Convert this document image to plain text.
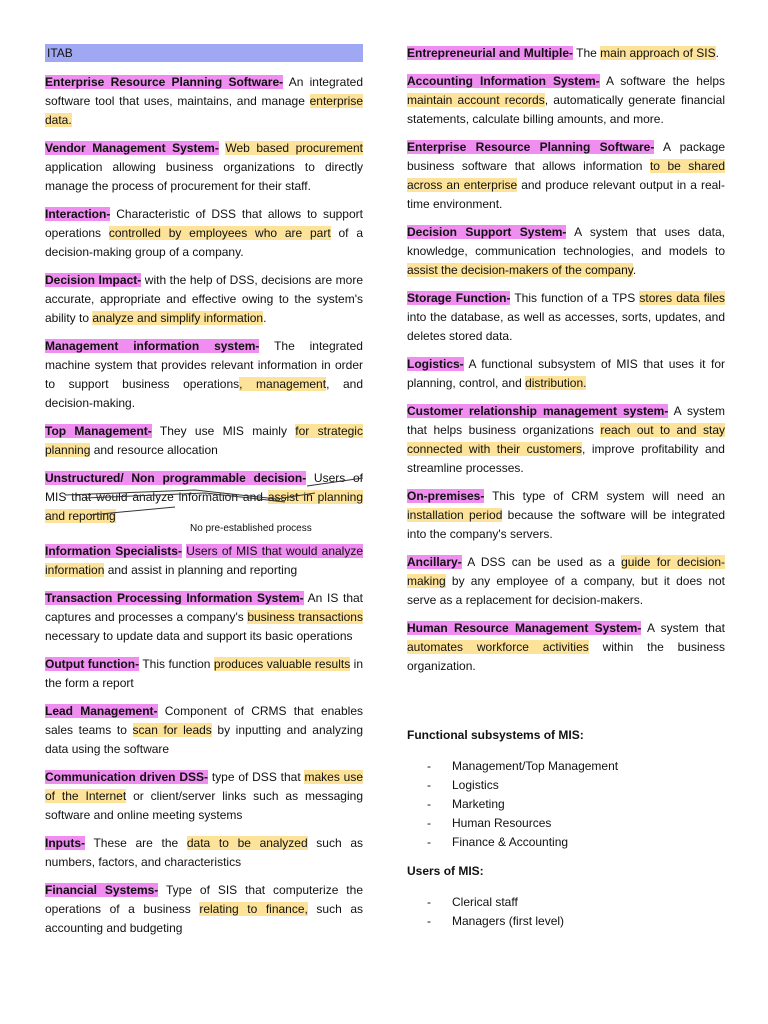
ITAB

Enterprise Resource Planning Software- An integrated software tool that uses, maintains, and manage enterprise data.

Vendor Management System- Web based procurement application allowing business organizations to directly manage the process of procurement for their staff.

Interaction- Characteristic of DSS that allows to support operations controlled by employees who are part of a decision-making group of a company.

Decision Impact- with the help of DSS, decisions are more accurate, appropriate and effective owing to the system's ability to analyze and simplify information.

Management information system- The integrated machine system that provides relevant information in order to support business operations, management, and decision-making.

Top Management- They use MIS mainly for strategic planning and resource allocation

Unstructured/ Non programmable decision- Users of MIS that would analyze information and assist in planning and reporting

No pre-established process

Information Specialists- Users of MIS that would analyze information and assist in planning and reporting

Transaction Processing Information System- An IS that captures and processes a company's business transactions necessary to update data and support its basic operations

Output function- This function produces valuable results in the form a report

Lead Management- Component of CRMS that enables sales teams to scan for leads by inputting and analyzing data using the software

Communication driven DSS- type of DSS that makes use of the Internet or client/server links such as messaging software and online meeting systems

Inputs- These are the data to be analyzed such as numbers, factors, and characteristics

Financial Systems- Type of SIS that computerize the operations of a business relating to finance, such as accounting and budgeting

Entrepreneurial and Multiple- The main approach of SIS.

Accounting Information System- A software the helps maintain account records, automatically generate financial statements, calculate billing amounts, and more.

Enterprise Resource Planning Software- A package business software that allows information to be shared across an enterprise and produce relevant output in a real-time environment.

Decision Support System- A system that uses data, knowledge, communication technologies, and models to assist the decision-makers of the company.

Storage Function- This function of a TPS stores data files into the database, as well as accesses, sorts, updates, and deletes stored data.

Logistics- A functional subsystem of MIS that uses it for planning, control, and distribution.

Customer relationship management system- A system that helps business organizations reach out to and stay connected with their customers, improve profitability and streamline processes.

On-premises- This type of CRM system will need an installation period because the software will be integrated into the company's servers.

Ancillary- A DSS can be used as a guide for decision-making by any employee of a company, but it does not serve as a replacement for decision-makers.

Human Resource Management System- A system that automates workforce activities within the business organization.

Functional subsystems of MIS:
- Management/Top Management
- Logistics
- Marketing
- Human Resources
- Finance & Accounting
Users of MIS:
- Clerical staff
- Managers (first level)
